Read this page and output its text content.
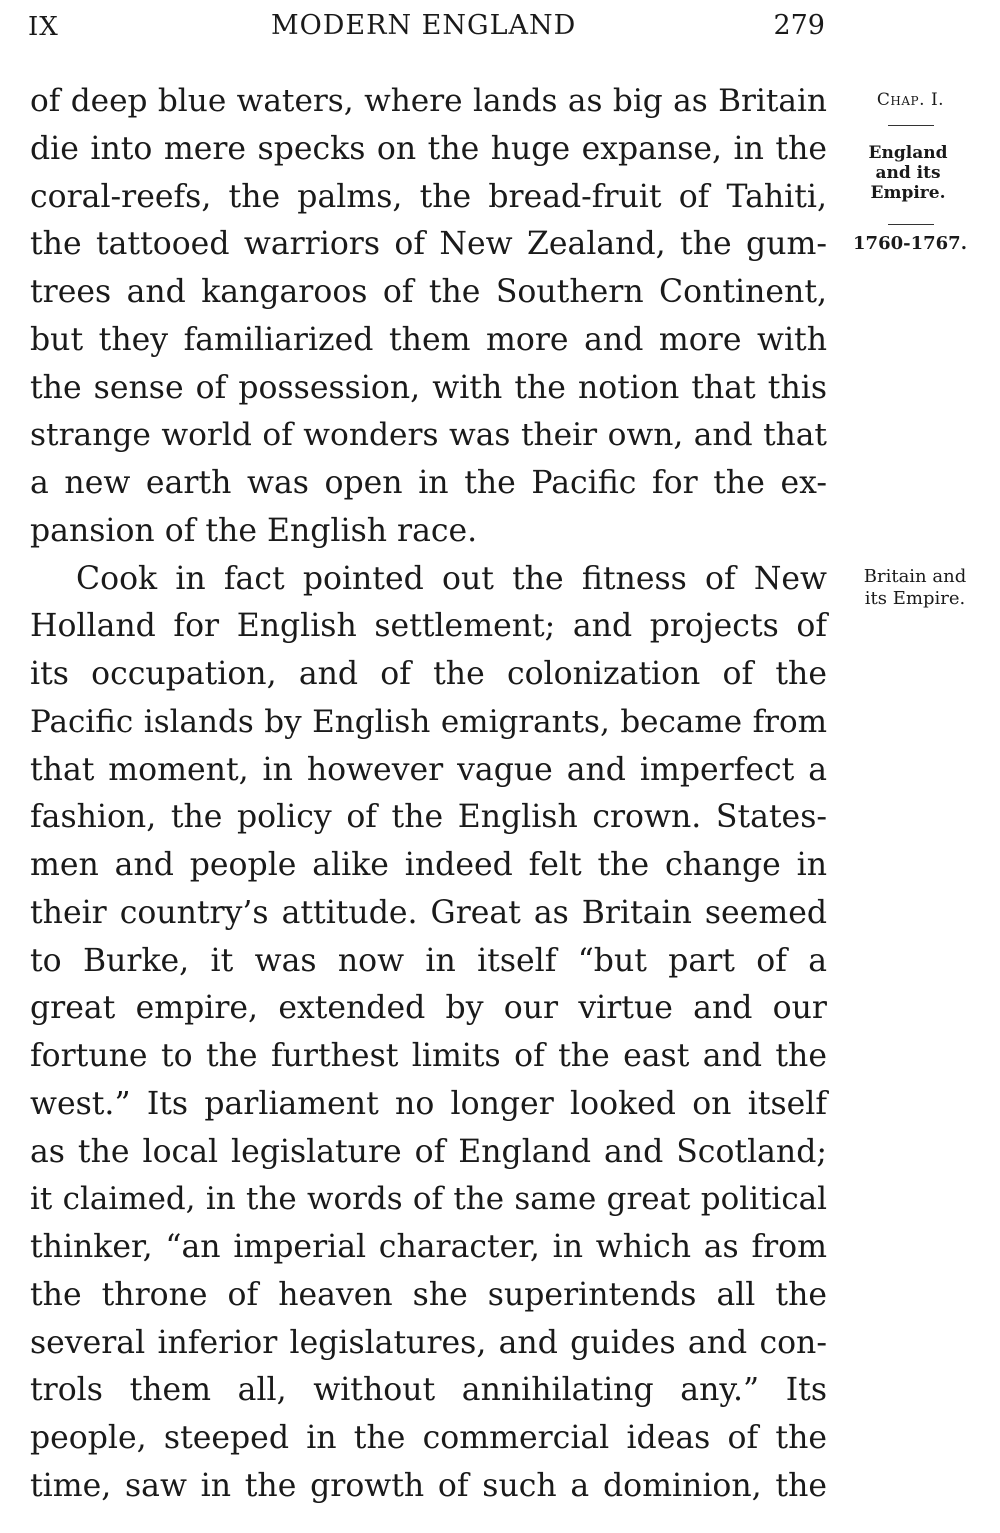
IX	MODERN ENGLAND	279
Chap. I.
England
and its
Empire.
1760-1767.
Britain and
its Empire.
of deep blue waters, where lands as big as Britain
die into mere specks on the huge expanse, in the
coral-reefs, the palms, the bread-fruit of Tahiti,
the tattooed warriors of New Zealand, the gum-
trees and kangaroos of the Southern Continent,
but they familiarized them more and more with
the sense of possession, with the notion that this
strange world of wonders was their own, and that
a new earth was open in the Pacific for the ex-
pansion of the English race.
Cook in fact pointed out the fitness of New
Holland for English settlement; and projects of
its occupation, and of the colonization of the
Pacific islands by English emigrants, became from
that moment, in however vague and imperfect a
fashion, the policy of the English crown. States-
men and people alike indeed felt the change in
their country’s attitude. Great as Britain seemed
to Burke, it was now in itself “but part of a
great empire, extended by our virtue and our
fortune to the furthest limits of the east and the
west.” Its parliament no longer looked on itself
as the local legislature of England and Scotland;
it claimed, in the words of the same great political
thinker, “an imperial character, in which as from
the throne of heaven she superintends all the
several inferior legislatures, and guides and con-
trols them all, without annihilating any.” Its
people, steeped in the commercial ideas of the
time, saw in the growth of such a dominion, the
